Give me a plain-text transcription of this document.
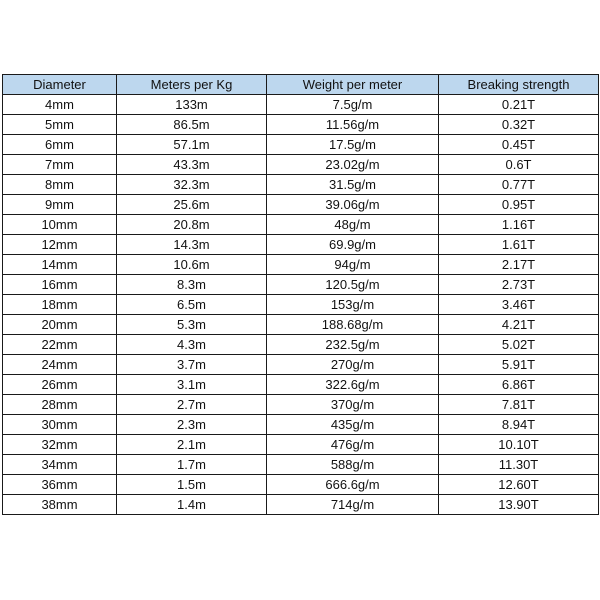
Diameter	Meters per Kg	Weight per meter	Breaking strength
4mm	133m	7.5g/m	0.21T
5mm	86.5m	11.56g/m	0.32T
6mm	57.1m	17.5g/m	0.45T
7mm	43.3m	23.02g/m	0.6T
8mm	32.3m	31.5g/m	0.77T
9mm	25.6m	39.06g/m	0.95T
10mm	20.8m	48g/m	1.16T
12mm	14.3m	69.9g/m	1.61T
14mm	10.6m	94g/m	2.17T
16mm	8.3m	120.5g/m	2.73T
18mm	6.5m	153g/m	3.46T
20mm	5.3m	188.68g/m	4.21T
22mm	4.3m	232.5g/m	5.02T
24mm	3.7m	270g/m	5.91T
26mm	3.1m	322.6g/m	6.86T
28mm	2.7m	370g/m	7.81T
30mm	2.3m	435g/m	8.94T
32mm	2.1m	476g/m	10.10T
34mm	1.7m	588g/m	11.30T
36mm	1.5m	666.6g/m	12.60T
38mm	1.4m	714g/m	13.90T
